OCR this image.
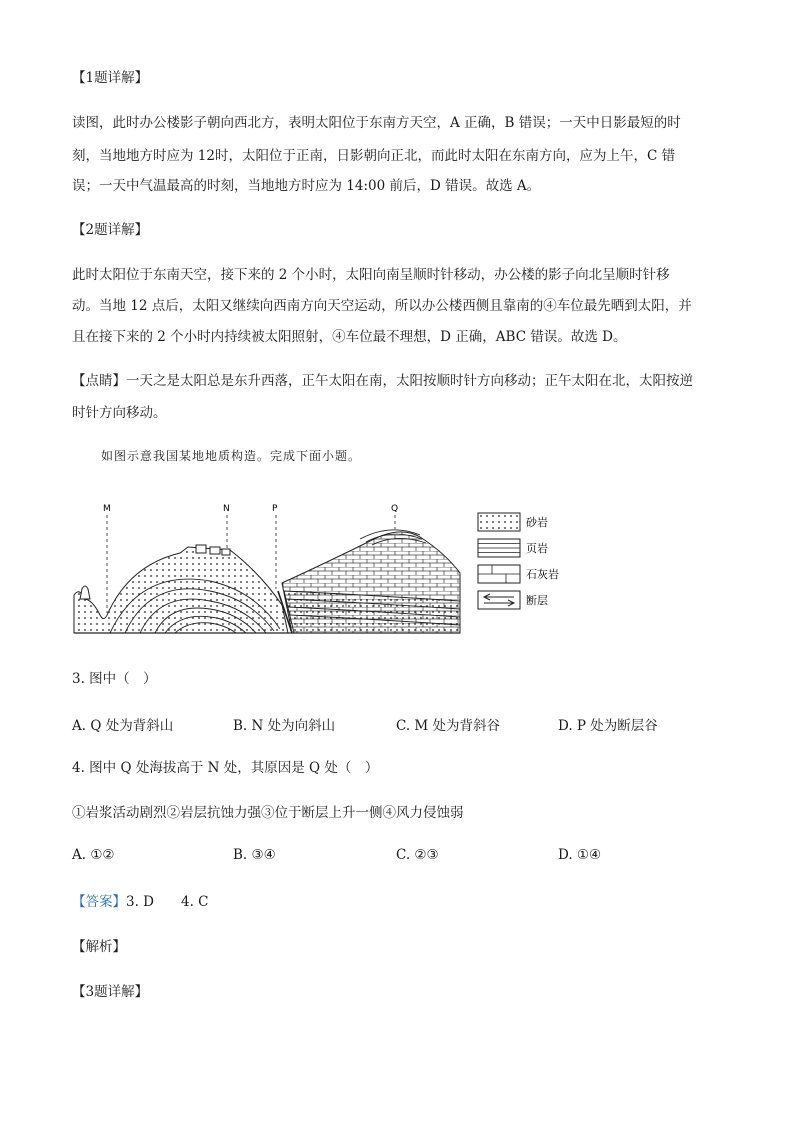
【1题详解】
读图，此时办公楼影子朝向西北方，表明太阳位于东南方天空，A 正确，B 错误；一天中日影最短的时
刻，当地地方时应为 12时，太阳位于正南，日影朝向正北，而此时太阳在东南方向，应为上午，C 错
误；一天中气温最高的时刻，当地地方时应为 14:00 前后，D 错误。故选 A。
【2题详解】
此时太阳位于东南天空，接下来的 2 个小时，太阳向南呈顺时针移动，办公楼的影子向北呈顺时针移
动。当地 12 点后，太阳又继续向西南方向天空运动，所以办公楼西侧且靠南的④车位最先晒到太阳，并
且在接下来的 2 个小时内持续被太阳照射，④车位最不理想，D 正确，ABC 错误。故选 D。
【点睛】一天之是太阳总是东升西落，正午太阳在南，太阳按顺时针方向移动；正午太阳在北，太阳按逆
时针方向移动。
如图示意我国某地地质构造。完成下面小题。
M	N	P	Q
砂岩
页岩
石灰岩
断层
3. 图中（　）
A. Q 处为背斜山	B. N 处为向斜山	C. M 处为背斜谷	D. P 处为断层谷
4. 图中 Q 处海拔高于 N 处，其原因是 Q 处（　）
①岩浆活动剧烈②岩层抗蚀力强③位于断层上升一侧④风力侵蚀弱
A. ①②	B. ③④	C. ②③	D. ①④
【答案】3. D　　4. C
【解析】
【3题详解】
